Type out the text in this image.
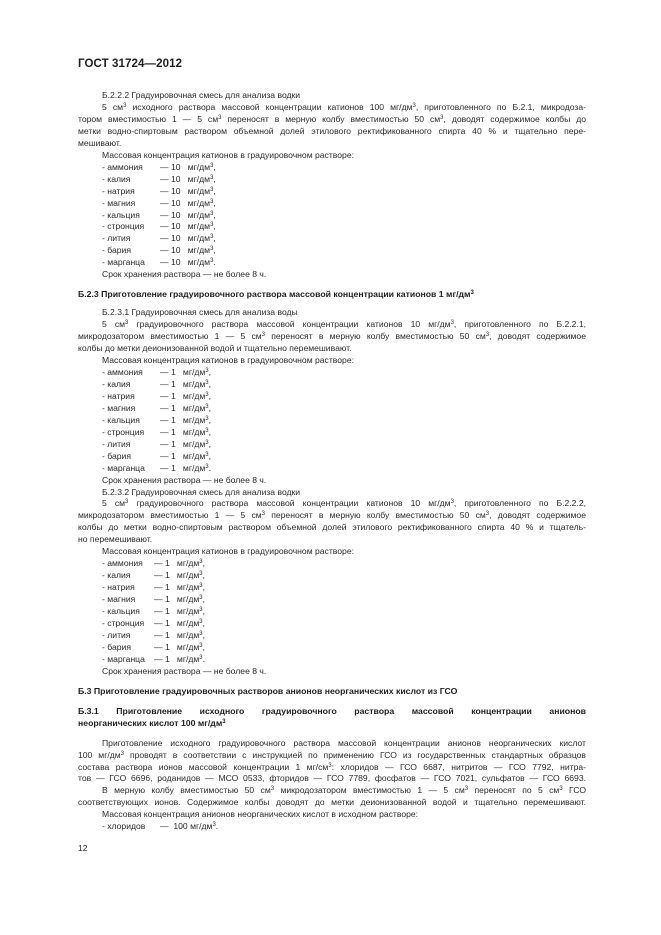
ГОСТ 31724—2012
Б.2.2.2 Градуировочная смесь для анализа водки
5 $см^3$ исходного раствора массовой концентрации катионов 100 $мг/дм^3$, приготовленного по Б.2.1, микродоза-
тором вместимостью 1 — 5 $см^3$ переносят в мерную колбу вместимостью 50 $см^3$, доводят содержимое колбы до
метки водно-спиртовым раствором объемной долей этилового ректификованного спирта 40 % и тщательно пере-
мешивают.
Массовая концентрация катионов в градуировочном растворе:
- аммония	— 10   $мг/дм^3$,
- калия	— 10   $мг/дм^3$,
- натрия	— 10   $мг/дм^3$,
- магния	— 10   $мг/дм^3$,
- кальция	— 10   $мг/дм^3$,
- стронция	— 10   $мг/дм^3$,
- лития	— 10   $мг/дм^3$,
- бария	— 10   $мг/дм^3$,
- марганца	— 10   $мг/дм^3$.
Срок хранения раствора — не более 8 ч.
Б.2.3 Приготовление градуировочного раствора массовой концентрации катионов 1 $мг/дм^3$
Б.2.3.1 Градуировочная смесь для анализа воды
5 $см^3$ градуировочного раствора массовой концентрации катионов 10 $мг/дм^3$, приготовленного по Б.2.2.1,
микродозатором вместимостью 1 — 5 $см^3$ переносят в мерную колбу вместимостью 50 $см^3$, доводят содержимое
колбы до метки деионизованной водой и тщательно перемешивают.
Массовая концентрация катионов в градуировочном растворе:
- аммония	— 1   $мг/дм^3$,
- калия	— 1   $мг/дм^3$,
- натрия	— 1   $мг/дм^3$,
- магния	— 1   $мг/дм^3$,
- кальция	— 1   $мг/дм^3$,
- стронция	— 1   $мг/дм^3$,
- лития	— 1   $мг/дм^3$,
- бария	— 1   $мг/дм^3$,
- марганца	— 1   $мг/дм^3$.
Срок хранения раствора — не более 8 ч.
Б.2.3.2 Градуировочная смесь для анализа водки
5 $см^3$ градуировочного раствора массовой концентрации катионов 10 $мг/дм^3$, приготовленного по Б.2.2.2,
микродозатором вместимостью 1 — 5 $см^3$ переносят в мерную колбу вместимостью 50 $см^3$, доводят содержимое
колбы до метки водно-спиртовым раствором объемной долей этилового ректификованного спирта 40 % и тщатель-
но перемешивают.
Массовая концентрация катионов в градуировочном растворе:
- аммония	— 1   $мг/дм^3$,
- калия	— 1   $мг/дм^3$,
- натрия	— 1   $мг/дм^3$,
- магния	— 1   $мг/дм^3$,
- кальция	— 1   $мг/дм^3$,
- стронция	— 1   $мг/дм^3$,
- лития	— 1   $мг/дм^3$,
- бария	— 1   $мг/дм^3$,
- марганца	— 1   $мг/дм^3$.
Срок хранения раствора — не более 8 ч.
Б.3 Приготовление градуировочных растворов анионов неорганических кислот из ГСО
Б.3.1 Приготовление исходного градуировочного раствора массовой концентрации анионов
неорганических кислот 100 $мг/дм^3$
Приготовление исходного градуировочного раствора массовой концентрации анионов неорганических кислот
100 $мг/дм^3$ проводят в соответствии с инструкцией по применению ГСО из государственных стандартных образцов
состава раствора ионов массовой концентрации 1 $мг/см^3$: хлоридов — ГСО 6687, нитритов — ГСО 7792, нитра-
тов — ГСО 6696, роданидов — МСО 0533, фторидов — ГСО 7789, фосфатов — ГСО 7021, сульфатов — ГСО 6693.
В мерную колбу вместимостью 50 $см^3$ микродозатором вместимостью 1 — 5 $см^3$ переносят по 5 $см^3$ ГСО
соответствующих ионов. Содержимое колбы доводят до метки деионизованной водой и тщательно перемешивают.
Массовая концентрация анионов неорганических кислот в исходном растворе:
- хлоридов	—  100 $мг/дм^3$.
12
